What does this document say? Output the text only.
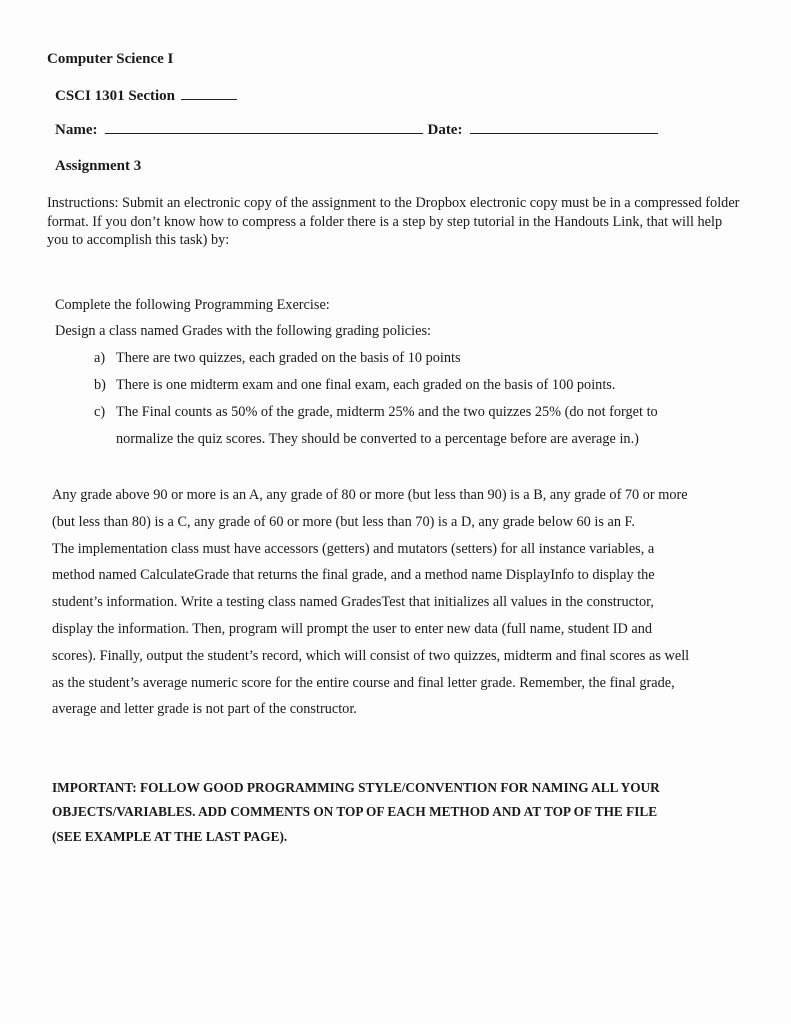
Computer Science I
CSCI 1301 Section
Name:	Date:
Assignment 3
Instructions: Submit an electronic copy of the assignment to the Dropbox electronic copy must be in a compressed folder format. If you don’t know how to compress a folder there is a step by step tutorial in the Handouts Link, that will help you to accomplish this task) by:
Complete the following Programming Exercise:
Design a class named Grades with the following grading policies:
a) There are two quizzes, each graded on the basis of 10 points
b) There is one midterm exam and one final exam, each graded on the basis of 100 points.
c) The Final counts as 50% of the grade, midterm 25% and the two quizzes 25% (do not forget to
normalize the quiz scores. They should be converted to a percentage before are average in.)
Any grade above 90 or more is an A, any grade of 80 or more (but less than 90) is a B, any grade of 70 or more
(but less than 80) is a C, any grade of 60 or more (but less than 70) is a D, any grade below 60 is an F.
The implementation class must have accessors (getters) and mutators (setters) for all instance variables, a
method named CalculateGrade that returns the final grade, and a method name DisplayInfo to display the
student’s information. Write a testing class named GradesTest that initializes all values in the constructor,
display the information. Then, program will prompt the user to enter new data (full name, student ID and
scores). Finally, output the student’s record, which will consist of two quizzes, midterm and final scores as well
as the student’s average numeric score for the entire course and final letter grade. Remember, the final grade,
average and letter grade is not part of the constructor.
IMPORTANT: FOLLOW GOOD PROGRAMMING STYLE/CONVENTION FOR NAMING ALL YOUR
OBJECTS/VARIABLES. ADD COMMENTS ON TOP OF EACH METHOD AND AT TOP OF THE FILE
(SEE EXAMPLE AT THE LAST PAGE).
